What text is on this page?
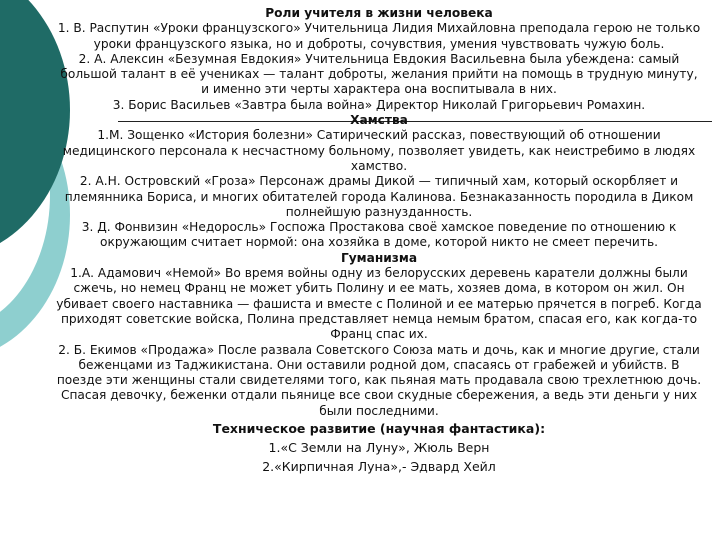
Роли учителя в жизни человека

1. В. Распутин «Уроки французского» Учительница Лидия Михайловна преподала герою не только уроки французского языка, но и доброты, сочувствия, умения чувствовать чужую боль.

2. А. Алексин «Безумная Евдокия» Учительница Евдокия Васильевна была убеждена: самый большой талант в её учениках — талант доброты, желания прийти на помощь в трудную минуту, и именно эти черты характера она воспитывала в них.

3. Борис Васильев «Завтра была война» Директор Николай Григорьевич Ромахин.

Хамства

1.М. Зощенко «История болезни» Сатирический рассказ, повествующий об отношении медицинского персонала к несчастному больному, позволяет увидеть, как неистребимо в людях хамство.

2. А.Н. Островский «Гроза» Персонаж драмы Дикой — типичный хам, который оскорбляет и племянника Бориса, и многих обитателей города Калинова. Безнаказанность породила в Диком полнейшую разнузданность.

3. Д. Фонвизин «Недоросль» Госпожа Простакова своё хамское поведение по отношению к окружающим считает нормой: она хозяйка в доме, которой никто не смеет перечить.

Гуманизма

1.А. Адамович «Немой» Во время войны одну из белорусских деревень каратели должны были сжечь, но немец Франц не может убить Полину и ее мать, хозяев дома, в котором он жил. Он убивает своего наставника — фашиста и вместе с Полиной и ее матерью прячется в погреб. Когда приходят советские войска, Полина представляет немца немым братом, спасая его, как когда-то Франц спас их.

2. Б. Екимов «Продажа» После развала Советского Союза мать и дочь, как и многие другие, стали беженцами из Таджикистана. Они оставили родной дом, спасаясь от грабежей и убийств. В поезде эти женщины стали свидетелями того, как пьяная мать продавала свою трехлетнюю дочь. Спасая девочку, беженки отдали пьянице все свои скудные сбережения, а ведь эти деньги у них были последними.

Техническое развитие (научная фантастика):
1.«С Земли на Луну», Жюль Верн
2.«Кирпичная Луна»,- Эдвард Хейл
